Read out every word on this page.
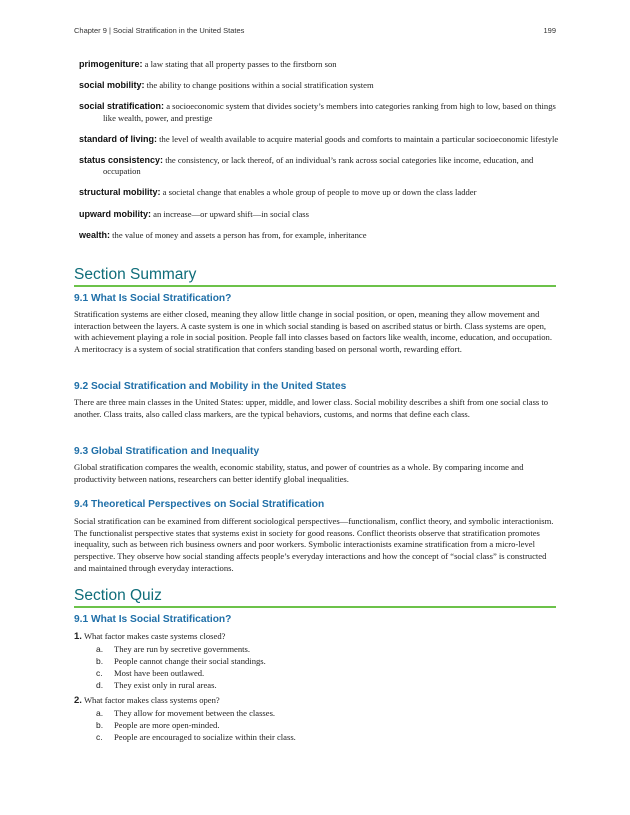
Chapter 9 | Social Stratification in the United States	199
primogeniture: a law stating that all property passes to the firstborn son
social mobility: the ability to change positions within a social stratification system
social stratification: a socioeconomic system that divides society’s members into categories ranking from high to low, based on things like wealth, power, and prestige
standard of living: the level of wealth available to acquire material goods and comforts to maintain a particular socioeconomic lifestyle
status consistency: the consistency, or lack thereof, of an individual’s rank across social categories like income, education, and occupation
structural mobility: a societal change that enables a whole group of people to move up or down the class ladder
upward mobility: an increase—or upward shift—in social class
wealth: the value of money and assets a person has from, for example, inheritance
Section Summary
9.1 What Is Social Stratification?
Stratification systems are either closed, meaning they allow little change in social position, or open, meaning they allow movement and interaction between the layers. A caste system is one in which social standing is based on ascribed status or birth. Class systems are open, with achievement playing a role in social position. People fall into classes based on factors like wealth, income, education, and occupation. A meritocracy is a system of social stratification that confers standing based on personal worth, rewarding effort.
9.2 Social Stratification and Mobility in the United States
There are three main classes in the United States: upper, middle, and lower class. Social mobility describes a shift from one social class to another. Class traits, also called class markers, are the typical behaviors, customs, and norms that define each class.
9.3 Global Stratification and Inequality
Global stratification compares the wealth, economic stability, status, and power of countries as a whole. By comparing income and productivity between nations, researchers can better identify global inequalities.
9.4 Theoretical Perspectives on Social Stratification
Social stratification can be examined from different sociological perspectives—functionalism, conflict theory, and symbolic interactionism. The functionalist perspective states that systems exist in society for good reasons. Conflict theorists observe that stratification promotes inequality, such as between rich business owners and poor workers. Symbolic interactionists examine stratification from a micro-level perspective. They observe how social standing affects people’s everyday interactions and how the concept of “social class” is constructed and maintained through everyday interactions.
Section Quiz
9.1 What Is Social Stratification?
1. What factor makes caste systems closed?
a.	They are run by secretive governments.
b.	People cannot change their social standings.
c.	Most have been outlawed.
d.	They exist only in rural areas.
2. What factor makes class systems open?
a.	They allow for movement between the classes.
b.	People are more open-minded.
c.	People are encouraged to socialize within their class.
